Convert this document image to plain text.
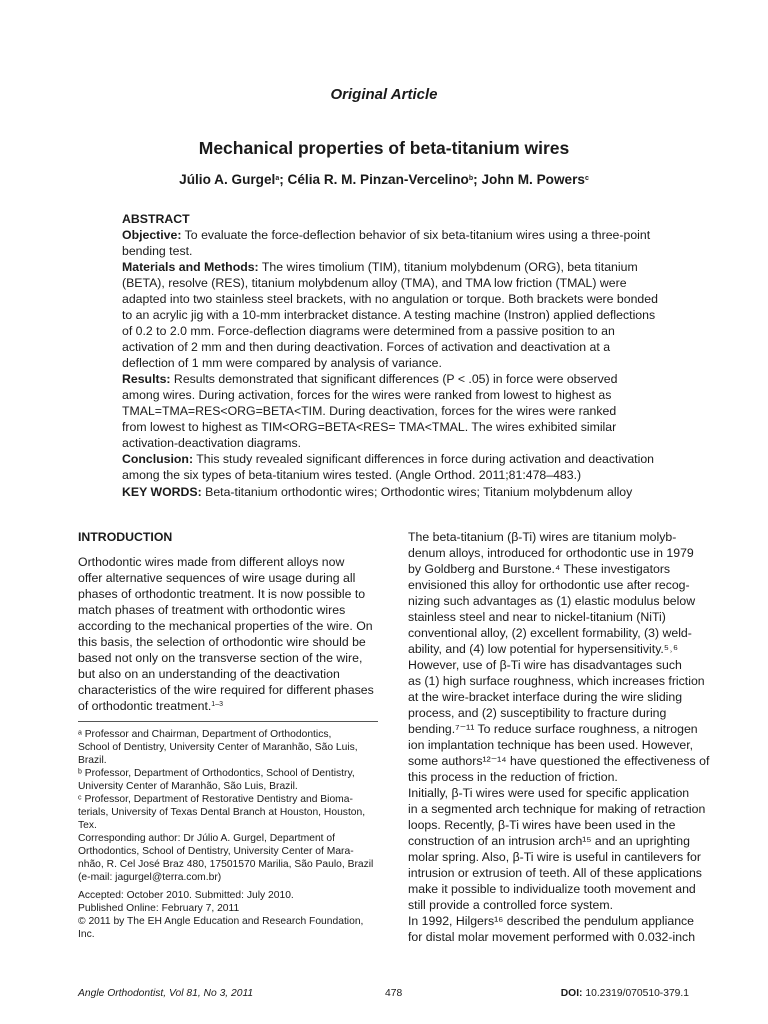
Original Article
Mechanical properties of beta-titanium wires
Júlio A. Gurgel$^a$; Célia R. M. Pinzan-Vercelino$^b$; John M. Powers$^c$
ABSTRACT
Objective: To evaluate the force-deflection behavior of six beta-titanium wires using a three-point
bending test.
Materials and Methods: The wires timolium (TIM), titanium molybdenum (ORG), beta titanium
(BETA), resolve (RES), titanium molybdenum alloy (TMA), and TMA low friction (TMAL) were
adapted into two stainless steel brackets, with no angulation or torque. Both brackets were bonded
to an acrylic jig with a 10-mm interbracket distance. A testing machine (Instron) applied deflections
of 0.2 to 2.0 mm. Force-deflection diagrams were determined from a passive position to an
activation of 2 mm and then during deactivation. Forces of activation and deactivation at a
deflection of 1 mm were compared by analysis of variance.
Results: Results demonstrated that significant differences (P < .05) in force were observed
among wires. During activation, forces for the wires were ranked from lowest to highest as
TMAL=TMA=RES<ORG=BETA<TIM. During deactivation, forces for the wires were ranked
from lowest to highest as TIM<ORG=BETA<RES= TMA<TMAL. The wires exhibited similar
activation-deactivation diagrams.
Conclusion: This study revealed significant differences in force during activation and deactivation
among the six types of beta-titanium wires tested. (Angle Orthod. 2011;81:478–483.)
KEY WORDS: Beta-titanium orthodontic wires; Orthodontic wires; Titanium molybdenum alloy
INTRODUCTION
Orthodontic wires made from different alloys now
offer alternative sequences of wire usage during all
phases of orthodontic treatment. It is now possible to
match phases of treatment with orthodontic wires
according to the mechanical properties of the wire. On
this basis, the selection of orthodontic wire should be
based not only on the transverse section of the wire,
but also on an understanding of the deactivation
characteristics of the wire required for different phases
of orthodontic treatment.$^{1-3}$
ᵃ Professor and Chairman, Department of Orthodontics,
School of Dentistry, University Center of Maranhão, São Luis,
Brazil.
ᵇ Professor, Department of Orthodontics, School of Dentistry,
University Center of Maranhão, São Luis, Brazil.
ᶜ Professor, Department of Restorative Dentistry and Bioma-
terials, University of Texas Dental Branch at Houston, Houston,
Tex.
Corresponding author: Dr Júlio A. Gurgel, Department of
Orthodontics, School of Dentistry, University Center of Mara-
nhão, R. Cel José Braz 480, 17501570 Marilia, São Paulo, Brazil
(e-mail: jagurgel@terra.com.br)
Accepted: October 2010. Submitted: July 2010.
Published Online: February 7, 2011
© 2011 by The EH Angle Education and Research Foundation,
Inc.
The beta-titanium (β-Ti) wires are titanium molyb-
denum alloys, introduced for orthodontic use in 1979
by Goldberg and Burstone.⁴ These investigators
envisioned this alloy for orthodontic use after recog-
nizing such advantages as (1) elastic modulus below
stainless steel and near to nickel-titanium (NiTi)
conventional alloy, (2) excellent formability, (3) weld-
ability, and (4) low potential for hypersensitivity.⁵˒⁶
However, use of β-Ti wire has disadvantages such
as (1) high surface roughness, which increases friction
at the wire-bracket interface during the wire sliding
process, and (2) susceptibility to fracture during
bending.⁷⁻¹¹ To reduce surface roughness, a nitrogen
ion implantation technique has been used. However,
some authors¹²⁻¹⁴ have questioned the effectiveness of
this process in the reduction of friction.
Initially, β-Ti wires were used for specific application
in a segmented arch technique for making of retraction
loops. Recently, β-Ti wires have been used in the
construction of an intrusion arch¹⁵ and an uprighting
molar spring. Also, β-Ti wire is useful in cantilevers for
intrusion or extrusion of teeth. All of these applications
make it possible to individualize tooth movement and
still provide a controlled force system.
In 1992, Hilgers¹⁶ described the pendulum appliance
for distal molar movement performed with 0.032-inch
Angle Orthodontist, Vol 81, No 3, 2011	478	DOI: 10.2319/070510-379.1
